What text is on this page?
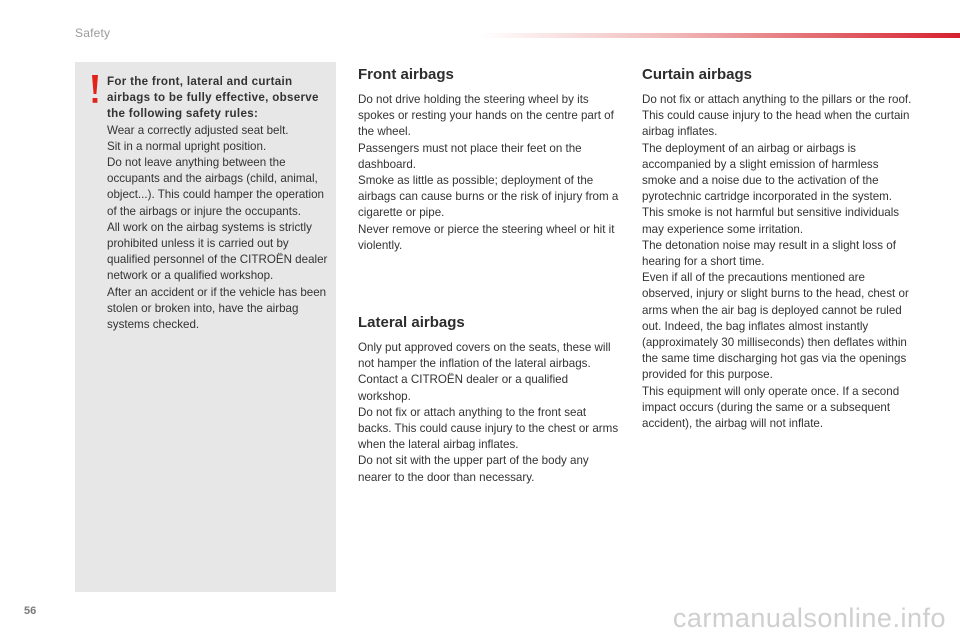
Safety
For the front, lateral and curtain airbags to be fully effective, observe the following safety rules:
Wear a correctly adjusted seat belt.
Sit in a normal upright position.
Do not leave anything between the occupants and the airbags (child, animal, object...). This could hamper the operation of the airbags or injure the occupants.
All work on the airbag systems is strictly prohibited unless it is carried out by qualified personnel of the CITROËN dealer network or a qualified workshop.
After an accident or if the vehicle has been stolen or broken into, have the airbag systems checked.
Front airbags

Do not drive holding the steering wheel by its spokes or resting your hands on the centre part of the wheel.

Passengers must not place their feet on the dashboard.

Smoke as little as possible; deployment of the airbags can cause burns or the risk of injury from a cigarette or pipe.

Never remove or pierce the steering wheel or hit it violently.

Lateral airbags

Only put approved covers on the seats, these will not hamper the inflation of the lateral airbags. Contact a CITROËN dealer or a qualified workshop.

Do not fix or attach anything to the front seat backs. This could cause injury to the chest or arms when the lateral airbag inflates.

Do not sit with the upper part of the body any nearer to the door than necessary.

Curtain airbags

Do not fix or attach anything to the pillars or the roof. This could cause injury to the head when the curtain airbag inflates.

The deployment of an airbag or airbags is accompanied by a slight emission of harmless smoke and a noise due to the activation of the pyrotechnic cartridge incorporated in the system. This smoke is not harmful but sensitive individuals may experience some irritation.

The detonation noise may result in a slight loss of hearing for a short time.

Even if all of the precautions mentioned are observed, injury or slight burns to the head, chest or arms when the air bag is deployed cannot be ruled out. Indeed, the bag inflates almost instantly (approximately 30 milliseconds) then deflates within the same time discharging hot gas via the openings provided for this purpose.

This equipment will only operate once. If a second impact occurs (during the same or a subsequent accident), the airbag will not inflate.

56	carmanualsonline.info
